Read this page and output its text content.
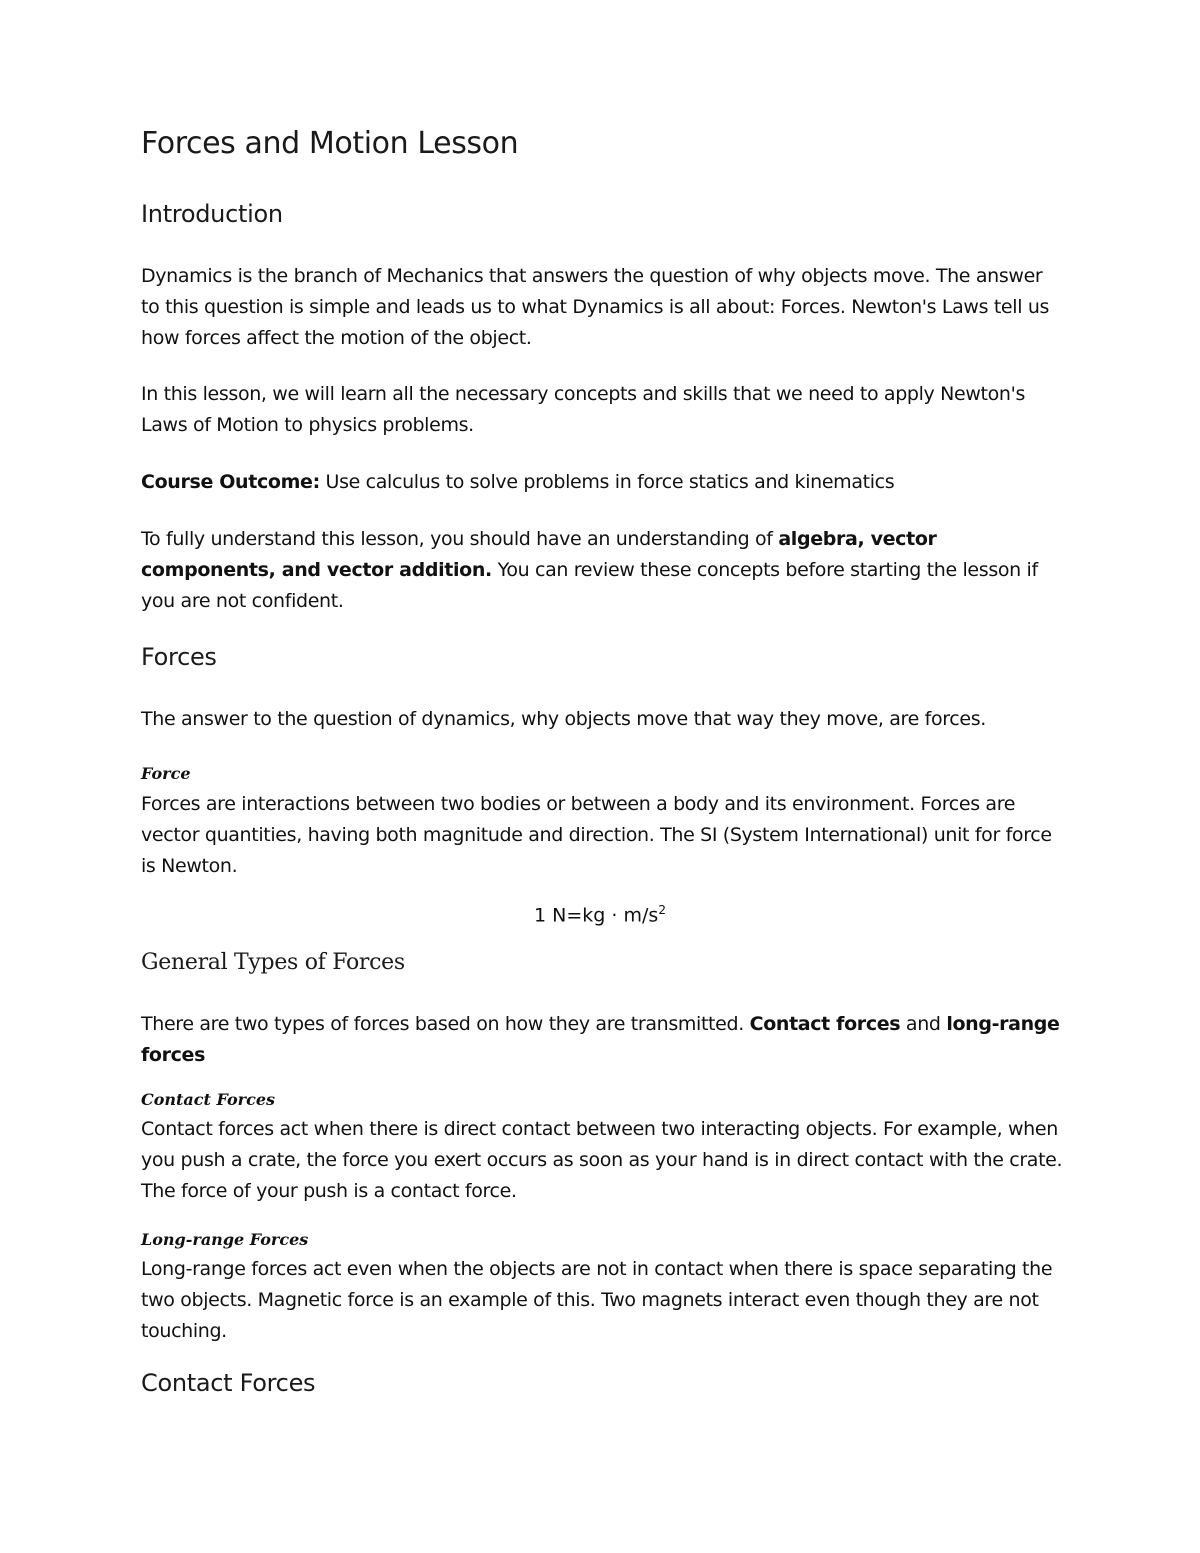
Forces and Motion Lesson
Introduction

Dynamics is the branch of Mechanics that answers the question of why objects move. The answer to this question is simple and leads us to what Dynamics is all about: Forces. Newton's Laws tell us how forces affect the motion of the object.

In this lesson, we will learn all the necessary concepts and skills that we need to apply Newton's Laws of Motion to physics problems.

Course Outcome: Use calculus to solve problems in force statics and kinematics

To fully understand this lesson, you should have an understanding of algebra, vector components, and vector addition. You can review these concepts before starting the lesson if you are not confident.

Forces

The answer to the question of dynamics, why objects move that way they move, are forces.

Force

Forces are interactions between two bodies or between a body and its environment. Forces are vector quantities, having both magnitude and direction. The SI (System International) unit for force is Newton.

1 $N=kg \cdot m/s^2$
General Types of Forces

There are two types of forces based on how they are transmitted. Contact forces and long-range forces

Contact Forces

Contact forces act when there is direct contact between two interacting objects. For example, when you push a crate, the force you exert occurs as soon as your hand is in direct contact with the crate. The force of your push is a contact force.

Long-range Forces

Long-range forces act even when the objects are not in contact when there is space separating the two objects. Magnetic force is an example of this. Two magnets interact even though they are not touching.

Contact Forces
